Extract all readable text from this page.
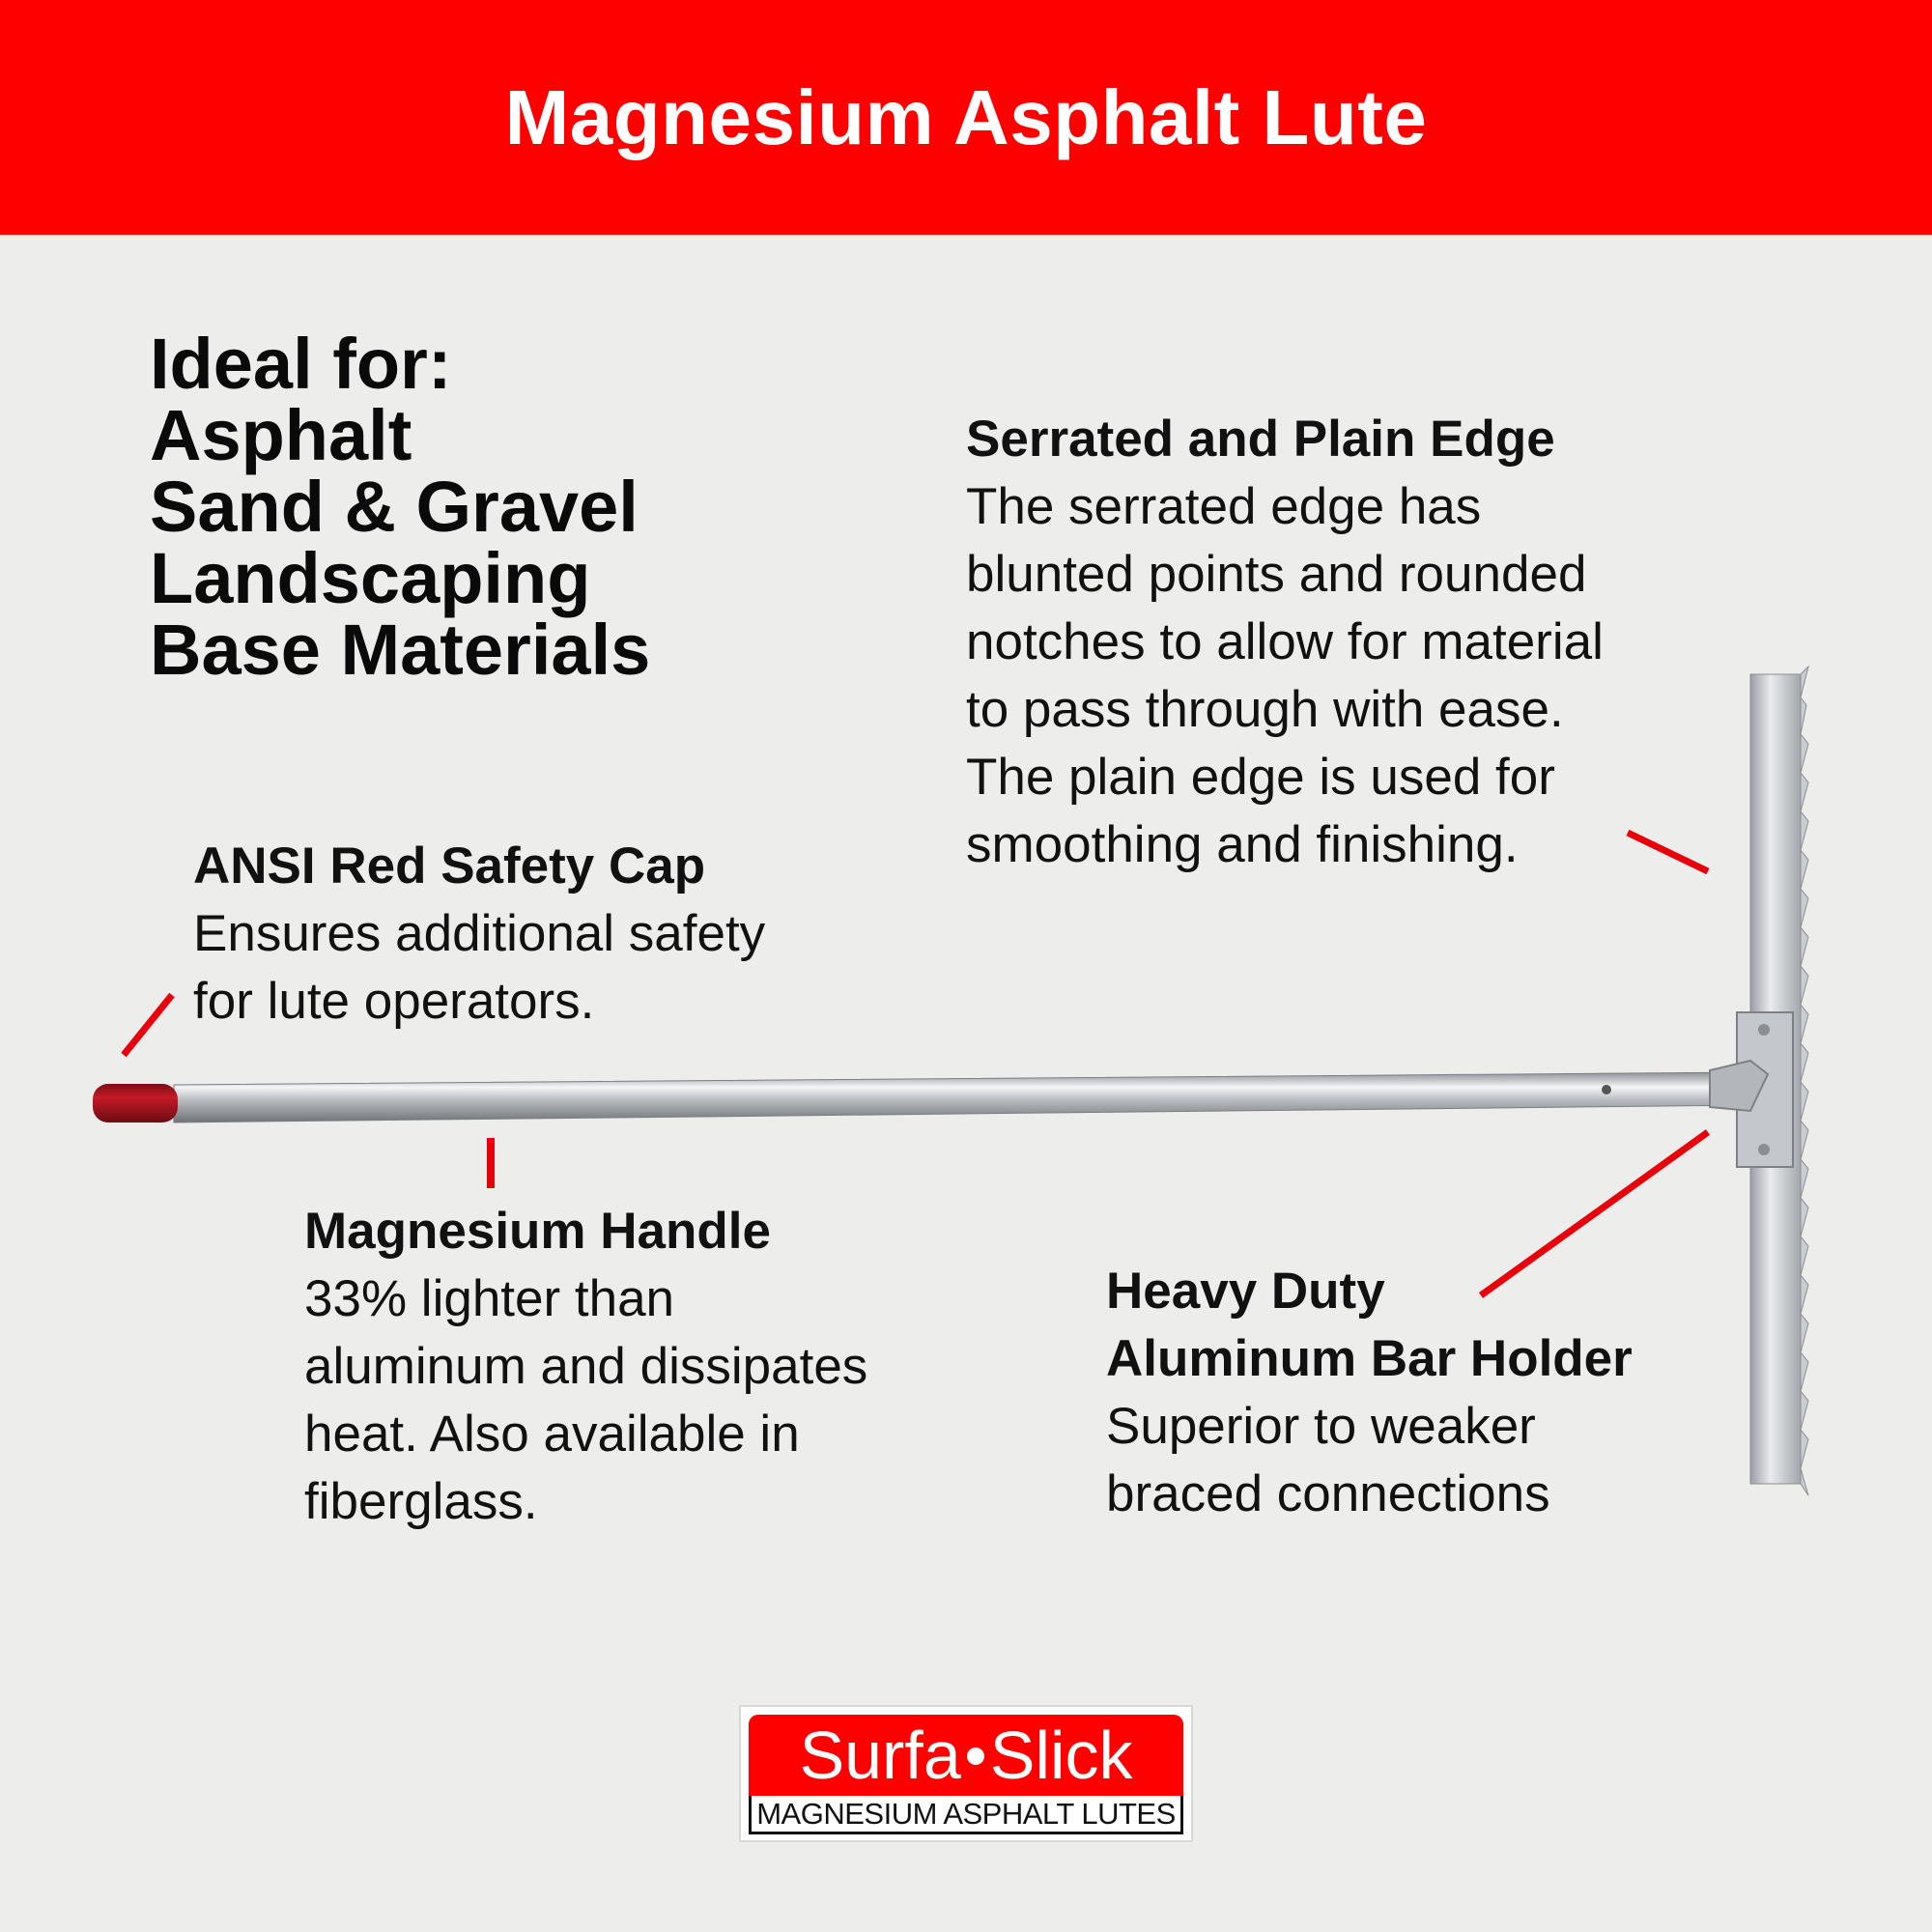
Magnesium Asphalt Lute
Ideal for:
Asphalt
Sand & Gravel
Landscaping
Base Materials
Serrated and Plain Edge
The serrated edge has
blunted points and rounded
notches to allow for material
to pass through with ease.
The plain edge is used for
smoothing and finishing.
ANSI Red Safety Cap
Ensures additional safety
for lute operators.
Magnesium Handle
33% lighter than
aluminum and dissipates
heat. Also available in
fiberglass.
Heavy Duty
Aluminum Bar Holder
Superior to weaker
braced connections
Surfa Slick
MAGNESIUM ASPHALT LUTES
